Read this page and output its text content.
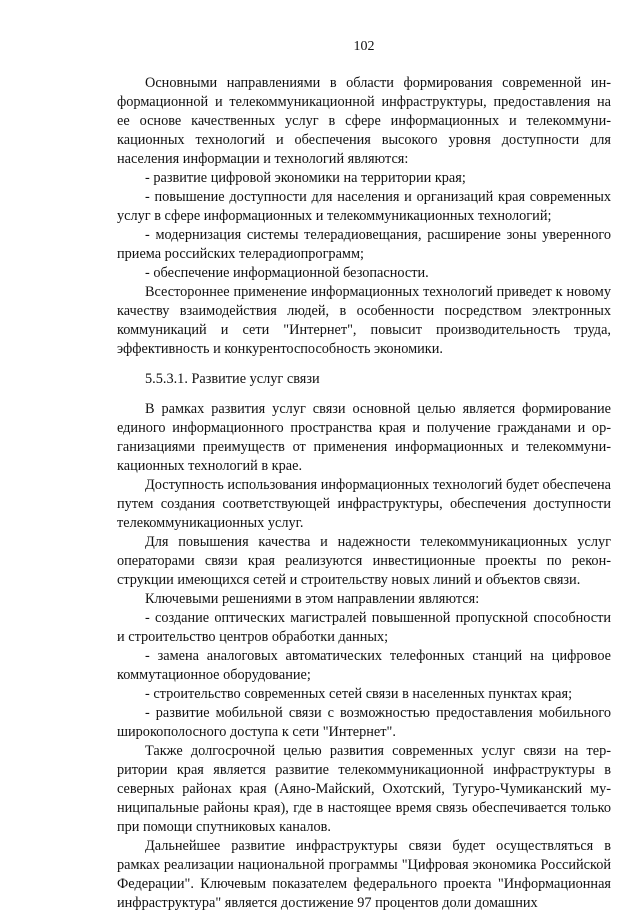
102

Основными направлениями в области формирования современной информационной и телекоммуникационной инфраструктуры, предоставления на ее основе качественных услуг в сфере информационных и телекоммуникационных технологий и обеспечения высокого уровня доступности для населения информации и технологий являются:

- развитие цифровой экономики на территории края;

- повышение доступности для населения и организаций края современных услуг в сфере информационных и телекоммуникационных технологий;

- модернизация системы телерадиовещания, расширение зоны уверенного приема российских телерадиопрограмм;

- обеспечение информационной безопасности.

Всестороннее применение информационных технологий приведет к новому качеству взаимодействия людей, в особенности посредством электронных коммуникаций и сети "Интернет", повысит производительность труда, эффективность и конкурентоспособность экономики.

5.5.3.1. Развитие услуг связи

В рамках развития услуг связи основной целью является формирование единого информационного пространства края и получение гражданами и организациями преимуществ от применения информационных и телекоммуникационных технологий в крае.

Доступность использования информационных технологий будет обеспечена путем создания соответствующей инфраструктуры, обеспечения доступности телекоммуникационных услуг.

Для повышения качества и надежности телекоммуникационных услуг операторами связи края реализуются инвестиционные проекты по реконструкции имеющихся сетей и строительству новых линий и объектов связи.

Ключевыми решениями в этом направлении являются:

- создание оптических магистралей повышенной пропускной способности и строительство центров обработки данных;

- замена аналоговых автоматических телефонных станций на цифровое коммутационное оборудование;

- строительство современных сетей связи в населенных пунктах края;

- развитие мобильной связи с возможностью предоставления мобильного широкополосного доступа к сети "Интернет".

Также долгосрочной целью развития современных услуг связи на территории края является развитие телекоммуникационной инфраструктуры в северных районах края (Аяно-Майский, Охотский, Тугуро-Чумиканский муниципальные районы края), где в настоящее время связь обеспечивается только при помощи спутниковых каналов.

Дальнейшее развитие инфраструктуры связи будет осуществляться в рамках реализации национальной программы "Цифровая экономика Российской Федерации". Ключевым показателем федерального проекта "Информационная инфраструктура" является достижение 97 процентов доли домашних
